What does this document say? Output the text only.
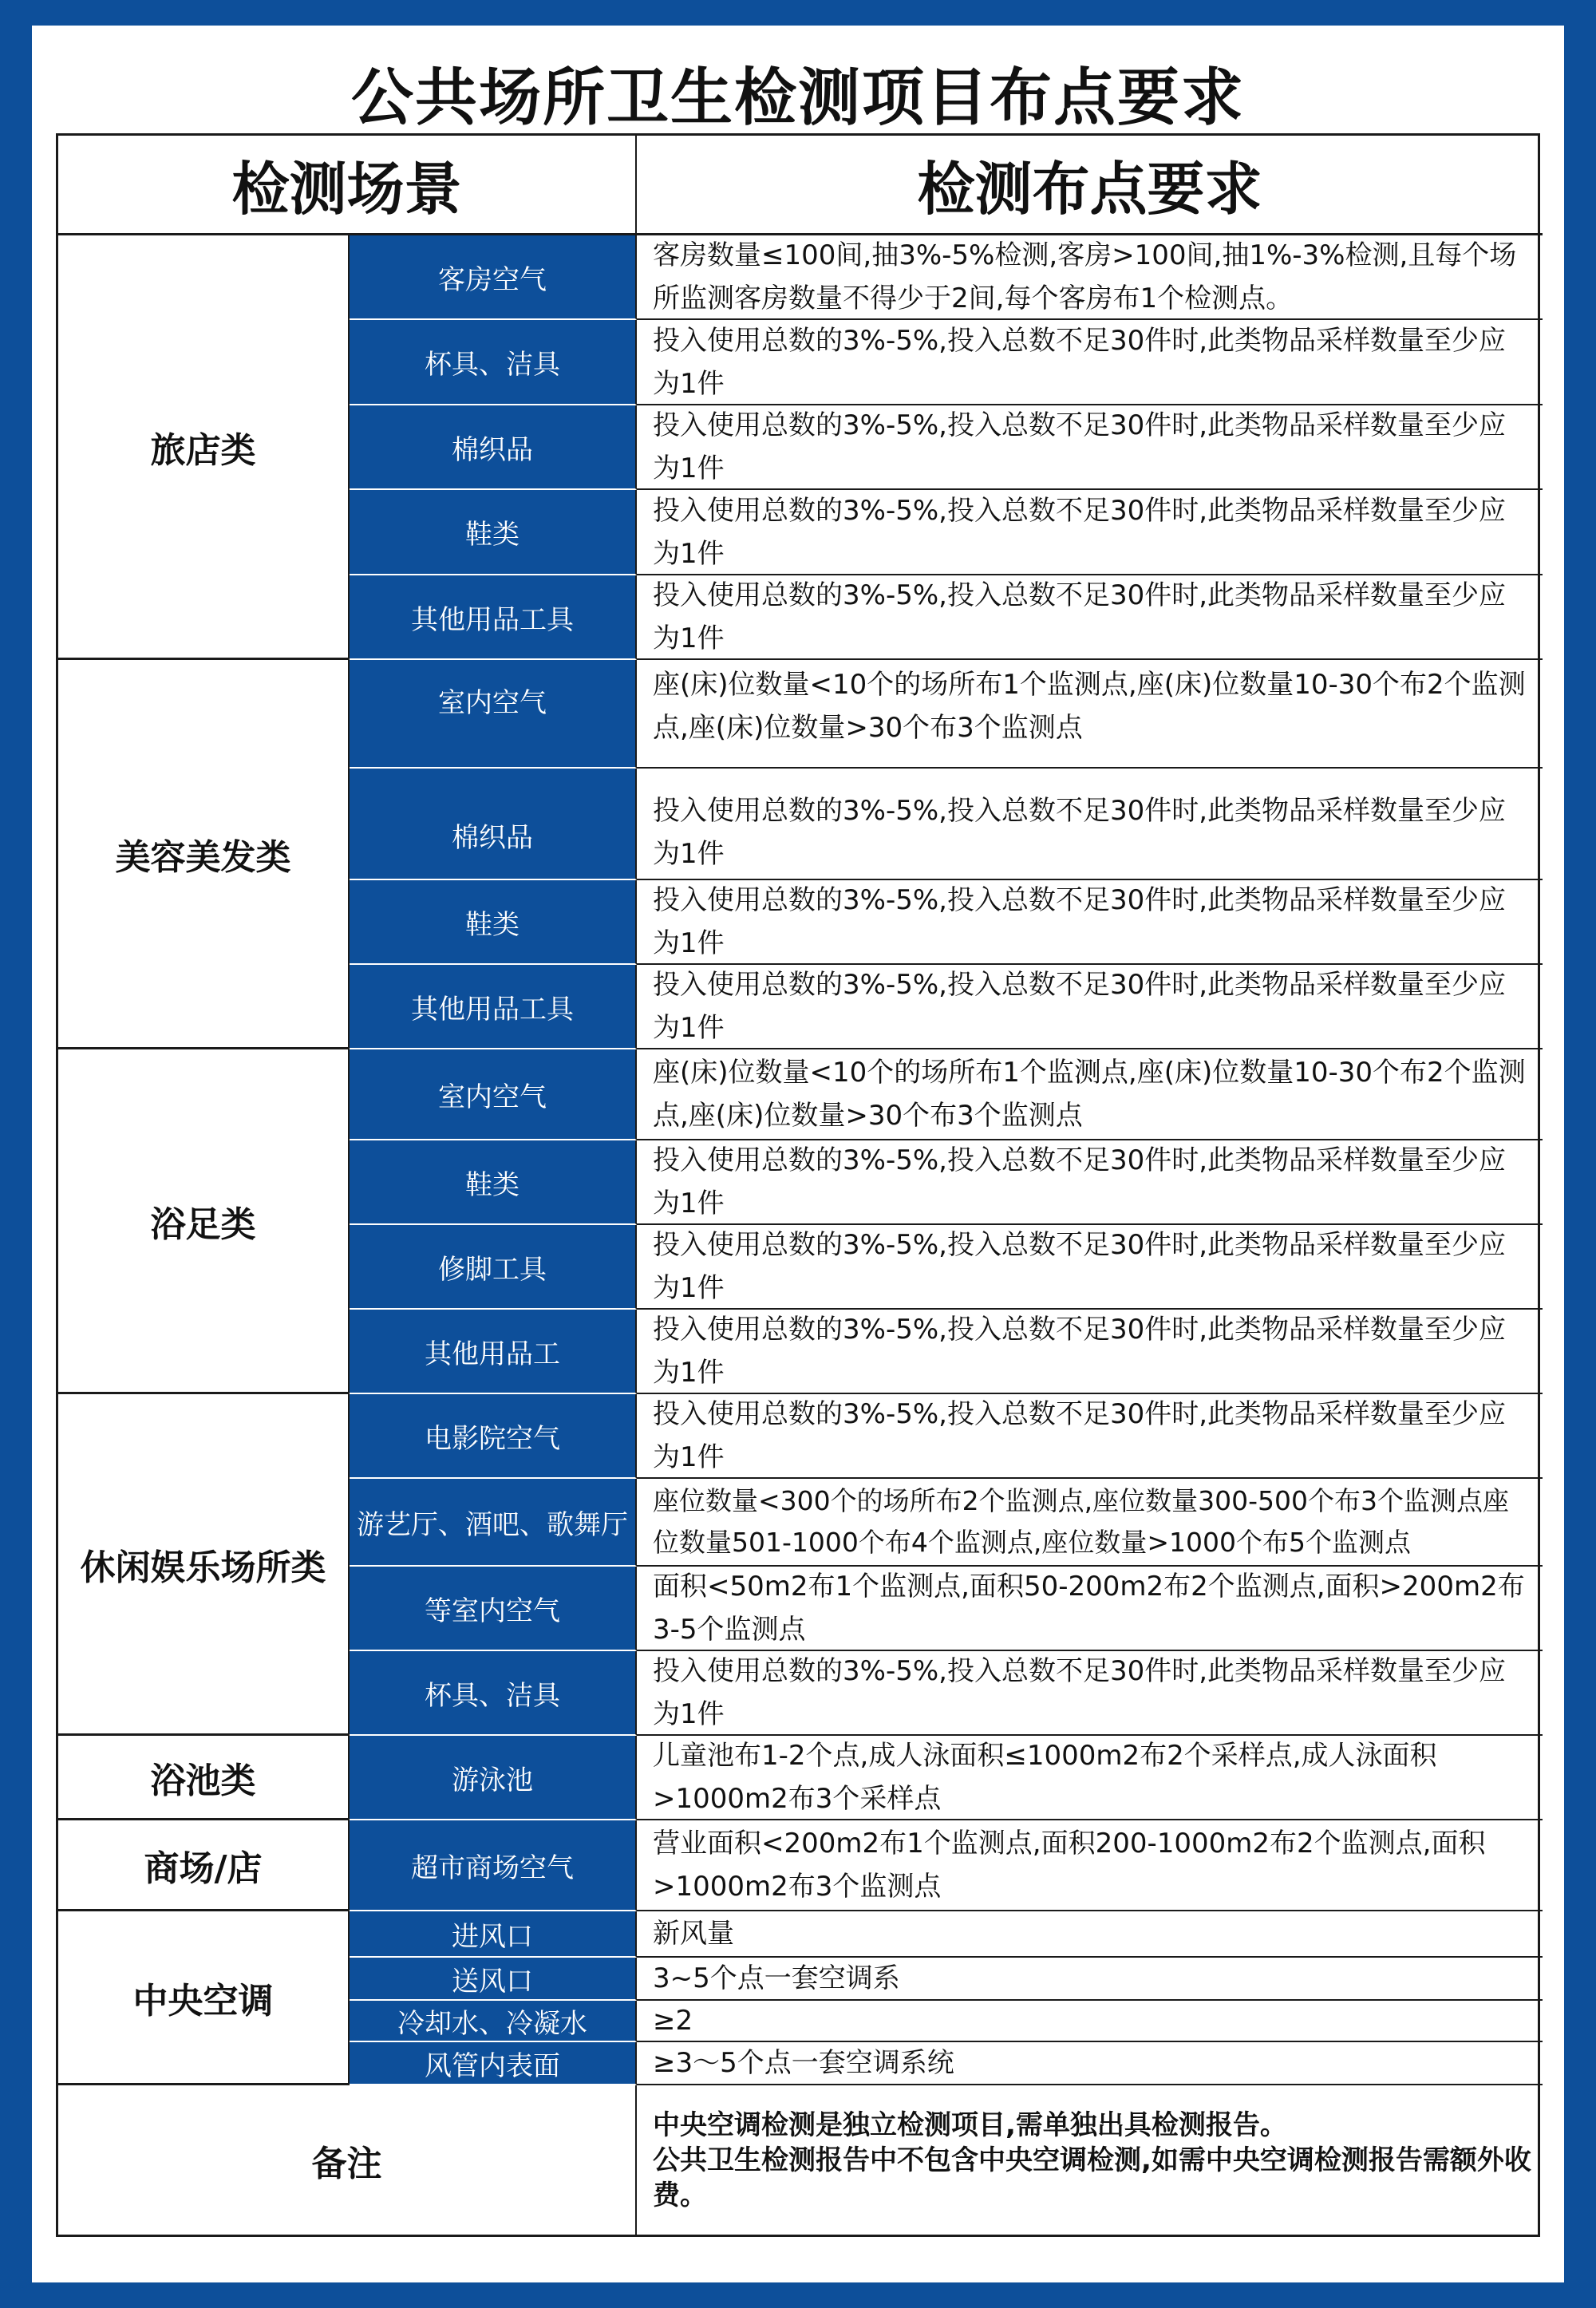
公共场所卫生检测项目布点要求
检测场景	检测布点要求
旅店类
美容美发类
浴足类
休闲娱乐场所类
浴池类
商场/店
中央空调
客房空气
杯具、洁具
棉织品
鞋类
其他用品工具
室内空气
棉织品
鞋类
其他用品工具
室内空气
鞋类
修脚工具
其他用品工
电影院空气
游艺厅、酒吧、歌舞厅
等室内空气
杯具、洁具
游泳池
超市商场空气
进风口
送风口
冷却水、冷凝水
风管内表面
客房数量≤100间,抽3%-5%检测,客房>100间,抽1%-3%检测,且每个场所监测客房数量不得少于2间,每个客房布1个检测点。
投入使用总数的3%-5%,投入总数不足30件时,此类物品采样数量至少应为1件
投入使用总数的3%-5%,投入总数不足30件时,此类物品采样数量至少应为1件
投入使用总数的3%-5%,投入总数不足30件时,此类物品采样数量至少应为1件
投入使用总数的3%-5%,投入总数不足30件时,此类物品采样数量至少应为1件
座(床)位数量<10个的场所布1个监测点,座(床)位数量10-30个布2个监测点,座(床)位数量>30个布3个监测点
投入使用总数的3%-5%,投入总数不足30件时,此类物品采样数量至少应为1件
投入使用总数的3%-5%,投入总数不足30件时,此类物品采样数量至少应为1件
投入使用总数的3%-5%,投入总数不足30件时,此类物品采样数量至少应为1件
座(床)位数量<10个的场所布1个监测点,座(床)位数量10-30个布2个监测点,座(床)位数量>30个布3个监测点
投入使用总数的3%-5%,投入总数不足30件时,此类物品采样数量至少应为1件
投入使用总数的3%-5%,投入总数不足30件时,此类物品采样数量至少应为1件
投入使用总数的3%-5%,投入总数不足30件时,此类物品采样数量至少应为1件
投入使用总数的3%-5%,投入总数不足30件时,此类物品采样数量至少应为1件
座位数量<300个的场所布2个监测点,座位数量300-500个布3个监测点座位数量501-1000个布4个监测点,座位数量>1000个布5个监测点
面积<50m2布1个监测点,面积50-200m2布2个监测点,面积>200m2布3-5个监测点
投入使用总数的3%-5%,投入总数不足30件时,此类物品采样数量至少应为1件
儿童池布1-2个点,成人泳面积≤1000m2布2个采样点,成人泳面积>1000m2布3个采样点
营业面积<200m2布1个监测点,面积200-1000m2布2个监测点,面积>1000m2布3个监测点
新风量
3~5个点一套空调系
≥2
≥3～5个点一套空调系统
备注
中央空调检测是独立检测项目,需单独出具检测报告。
公共卫生检测报告中不包含中央空调检测,如需中央空调检测报告需额外收费。
